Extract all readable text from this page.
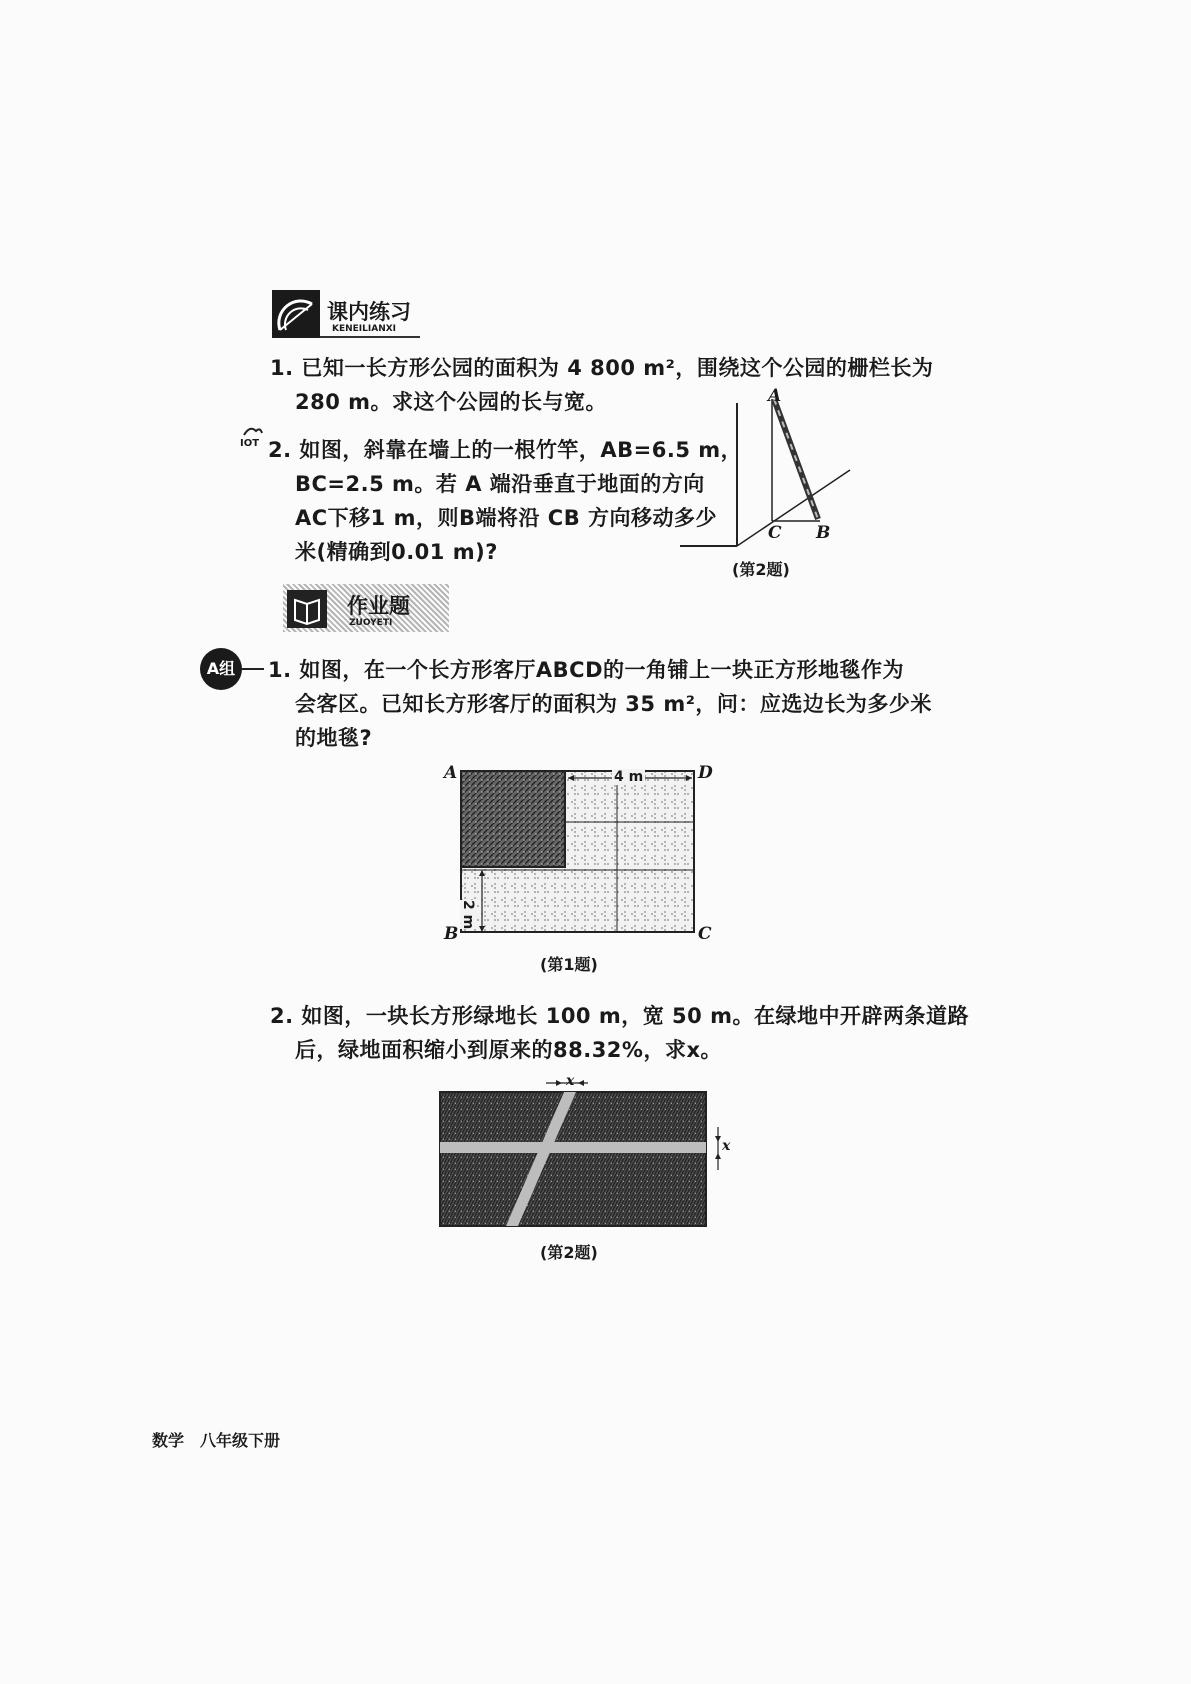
课内练习
KENEILIANXI
1. 已知一长方形公园的面积为 4 800 m²，围绕这个公园的栅栏长为
280 m。求这个公园的长与宽。
IOT 2. 如图，斜靠在墙上的一根竹竿，AB=6.5 m，
BC=2.5 m。若 A 端沿垂直于地面的方向
AC下移1 m，则B端将沿 CB 方向移动多少
米(精确到0.01 m)?
A
C B
(第2题)
作业题
ZUOYETI
A组	1. 如图，在一个长方形客厅ABCD的一角铺上一块正方形地毯作为
会客区。已知长方形客厅的面积为 35 m²，问：应选边长为多少米
的地毯?
4 m
2 m
A	D
B	C
(第1题)
2. 如图，一块长方形绿地长 100 m，宽 50 m。在绿地中开辟两条道路
后，绿地面积缩小到原来的88.32%，求x。
x
x
(第2题)
数学　八年级下册
